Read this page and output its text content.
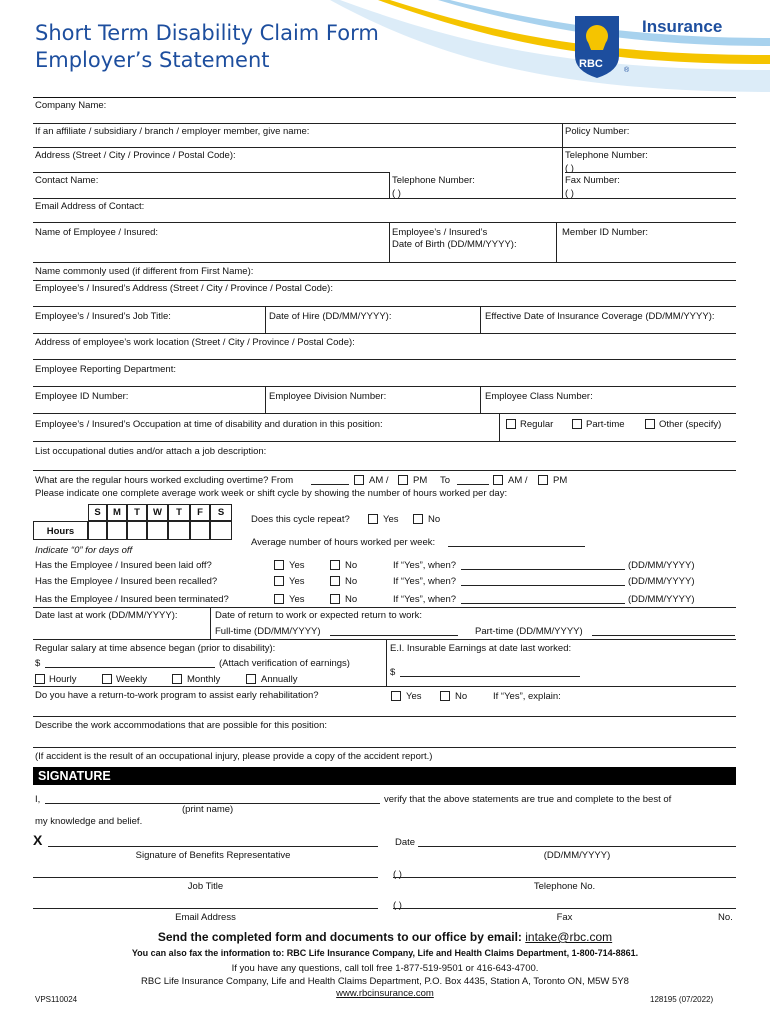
Short Term Disability Claim Form
Employer’s Statement	RBC
®
Insurance
Company Name:
If an affiliate / subsidiary / branch / employer member, give name:	Policy Number:
Address (Street / City / Province / Postal Code):	Telephone Number:
( )
Contact Name:	Telephone Number:
( )
Fax Number:
( )
Email Address of Contact:
Name of Employee / Insured:	Employee’s / Insured’s
Date of Birth (DD/MM/YYYY):
Member ID Number:
Name commonly used (if different from First Name):
Employee’s / Insured’s Address (Street / City / Province / Postal Code):
Employee’s / Insured’s Job Title:	Date of Hire (DD/MM/YYYY):	Effective Date of Insurance Coverage (DD/MM/YYYY):
Address of employee’s work location (Street / City / Province / Postal Code):
Employee Reporting Department:
Employee ID Number:	Employee Division Number:	Employee Class Number:
Employee’s / Insured’s Occupation at time of disability and duration in this position:	Regular	Part-time	Other (specify)
List occupational duties and/or attach a job description:
What are the regular hours worked excluding overtime? From	AM /	PM To	AM /	PM
Please indicate one complete average work week or shift cycle by showing the number of hours worked per day:
S	M	T	W	T	F	S
Hours
Indicate “0” for days off
Does this cycle repeat?	Yes	No
Average number of hours worked per week:
Has the Employee / Insured been laid off?	Yes	No	If “Yes”, when?	(DD/MM/YYYY)
Has the Employee / Insured been recalled?	Yes	No	If “Yes”, when?	(DD/MM/YYYY)
Has the Employee / Insured been terminated?	Yes	No	If “Yes”, when?	(DD/MM/YYYY)
Date last at work (DD/MM/YYYY):	Date of return to work or expected return to work:
Full-time (DD/MM/YYYY)	Part-time (DD/MM/YYYY)
Regular salary at time absence began (prior to disability):
$	(Attach verification of earnings)
Hourly	Weekly	Monthly	Annually
E.I. Insurable Earnings at date last worked:
$
Do you have a return-to-work program to assist early rehabilitation?	Yes	No	If “Yes”, explain:
Describe the work accommodations that are possible for this position:
(If accident is the result of an occupational injury, please provide a copy of the accident report.)
SIGNATURE
I,	verify that the above statements are true and complete to the best of
(print name)
my knowledge and belief.
X	Date
Signature of Benefits Representative	(DD/MM/YYYY)
( )
Job Title	Telephone No.
( )
Email Address	Fax	No.
Send the completed form and documents to our office by email: intake@rbc.com
You can also fax the information to: RBC Life Insurance Company, Life and Health Claims Department, 1-800-714-8861.
If you have any questions, call toll free 1-877-519-9501 or 416-643-4700.
RBC Life Insurance Company, Life and Health Claims Department, P.O. Box 4435, Station A, Toronto ON, M5W 5Y8
www.rbcinsurance.com
VPS110024	128195 (07/2022)
